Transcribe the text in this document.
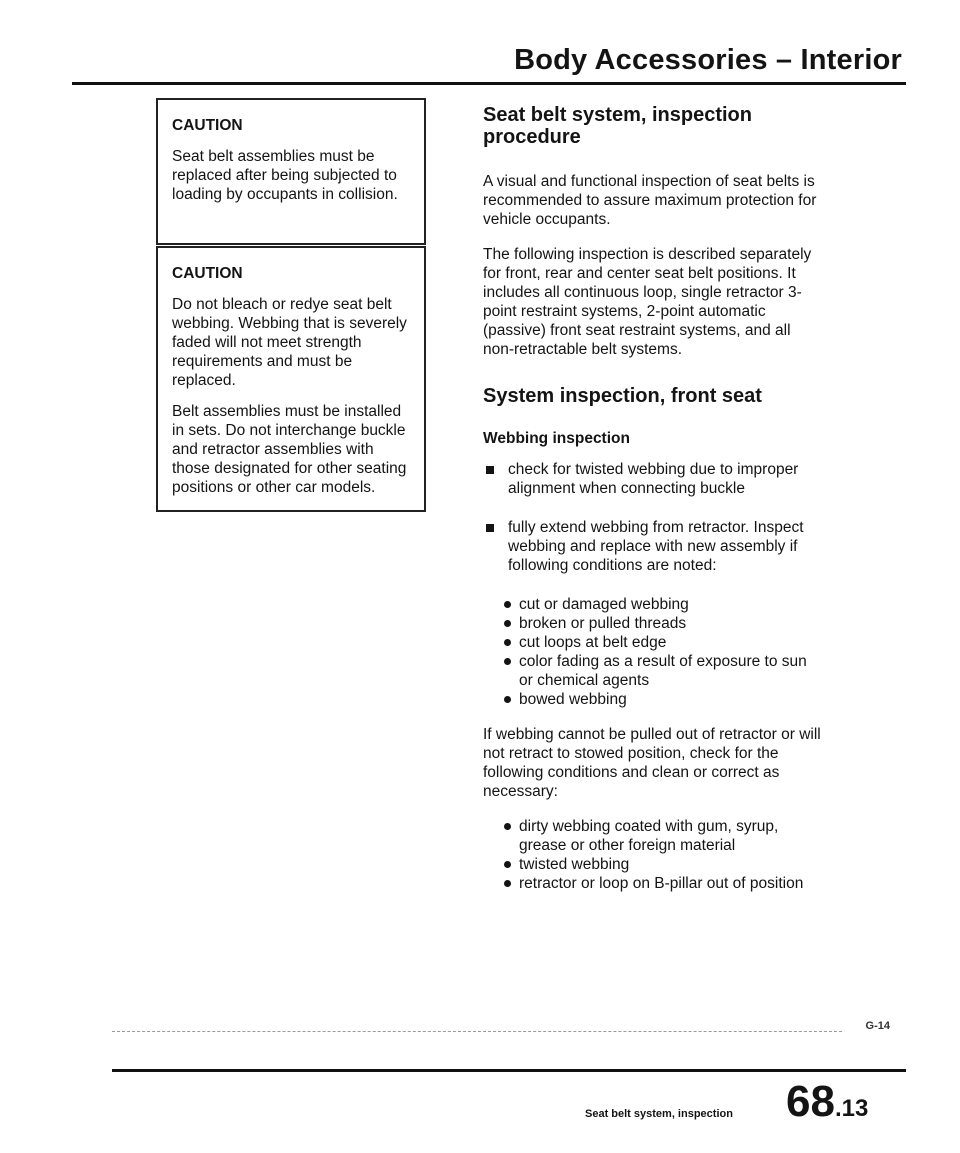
Body Accessories – Interior
CAUTION

Seat belt assemblies must be replaced after being subjected to loading by occupants in collision.

CAUTION

Do not bleach or redye seat belt webbing. Webbing that is severely faded will not meet strength requirements and must be replaced.

Belt assemblies must be installed in sets. Do not interchange buckle and retractor assemblies with those designated for other seating positions or other car models.

Seat belt system, inspection procedure

A visual and functional inspection of seat belts is recommended to assure maximum protection for vehicle occupants.

The following inspection is described separately for front, rear and center seat belt positions. It includes all continuous loop, single retractor 3-point restraint systems, 2-point automatic (passive) front seat restraint systems, and all non-retractable belt systems.

System inspection, front seat
Webbing inspection
check for twisted webbing due to improper alignment when connecting buckle
fully extend webbing from retractor. Inspect webbing and replace with new assembly if following conditions are noted:
cut or damaged webbing
broken or pulled threads
cut loops at belt edge
color fading as a result of exposure to sun or chemical agents
bowed webbing

If webbing cannot be pulled out of retractor or will not retract to stowed position, check for the following conditions and clean or correct as necessary:

dirty webbing coated with gum, syrup, grease or other foreign material
twisted webbing
retractor or loop on B-pillar out of position
G-14
Seat belt system, inspection 68.13
